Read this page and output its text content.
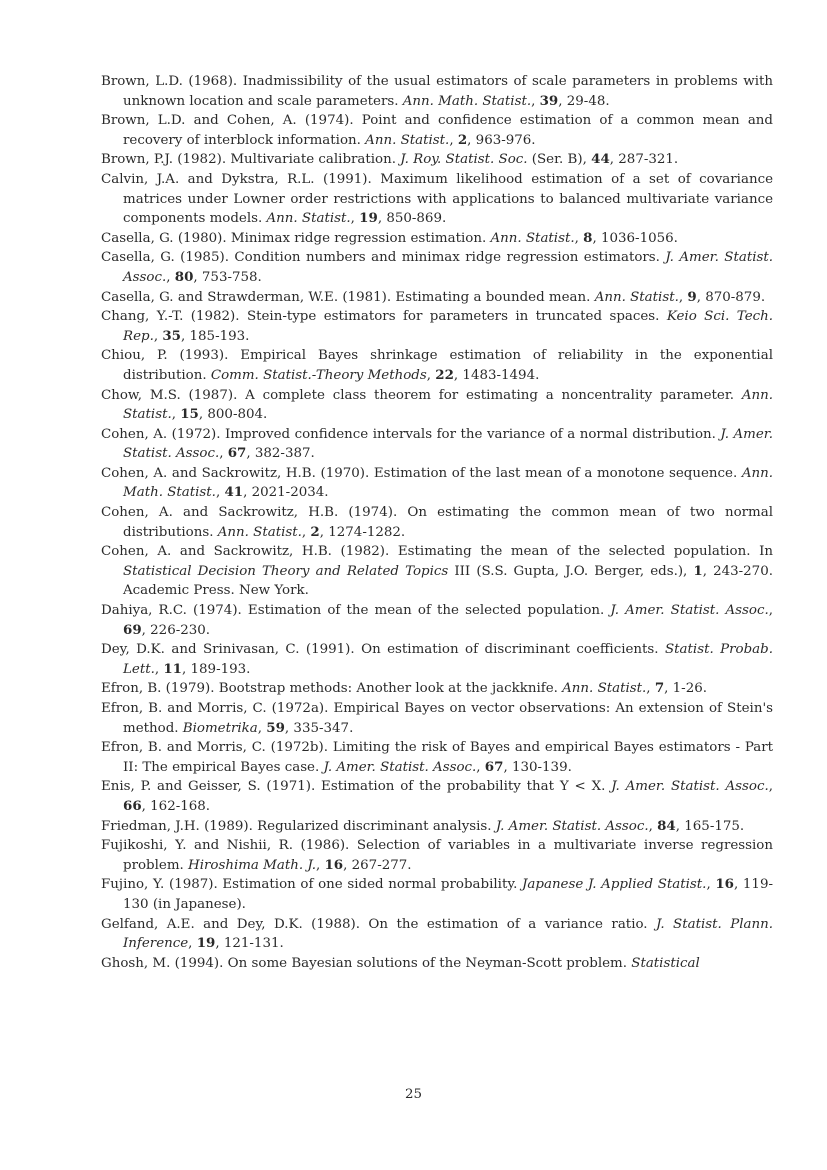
Brown, L.D. (1968). Inadmissibility of the usual estimators of scale parameters in problems with unknown location and scale parameters. Ann. Math. Statist., 39, 29-48.

Brown, L.D. and Cohen, A. (1974). Point and confidence estimation of a common mean and recovery of interblock information. Ann. Statist., 2, 963-976.

Brown, P.J. (1982). Multivariate calibration. J. Roy. Statist. Soc. (Ser. B), 44, 287-321.

Calvin, J.A. and Dykstra, R.L. (1991). Maximum likelihood estimation of a set of covariance matrices under Lowner order restrictions with applications to balanced multivariate variance components models. Ann. Statist., 19, 850-869.

Casella, G. (1980). Minimax ridge regression estimation. Ann. Statist., 8, 1036-1056.

Casella, G. (1985). Condition numbers and minimax ridge regression estimators. J. Amer. Statist. Assoc., 80, 753-758.

Casella, G. and Strawderman, W.E. (1981). Estimating a bounded mean. Ann. Statist., 9, 870-879.

Chang, Y.-T. (1982). Stein-type estimators for parameters in truncated spaces. Keio Sci. Tech. Rep., 35, 185-193.

Chiou, P. (1993). Empirical Bayes shrinkage estimation of reliability in the exponential distribution. Comm. Statist.-Theory Methods, 22, 1483-1494.

Chow, M.S. (1987). A complete class theorem for estimating a noncentrality parameter. Ann. Statist., 15, 800-804.

Cohen, A. (1972). Improved confidence intervals for the variance of a normal distribution. J. Amer. Statist. Assoc., 67, 382-387.

Cohen, A. and Sackrowitz, H.B. (1970). Estimation of the last mean of a monotone sequence. Ann. Math. Statist., 41, 2021-2034.

Cohen, A. and Sackrowitz, H.B. (1974). On estimating the common mean of two normal distributions. Ann. Statist., 2, 1274-1282.

Cohen, A. and Sackrowitz, H.B. (1982). Estimating the mean of the selected population. In Statistical Decision Theory and Related Topics III (S.S. Gupta, J.O. Berger, eds.), 1, 243-270. Academic Press. New York.

Dahiya, R.C. (1974). Estimation of the mean of the selected population. J. Amer. Statist. Assoc., 69, 226-230.

Dey, D.K. and Srinivasan, C. (1991). On estimation of discriminant coefficients. Statist. Probab. Lett., 11, 189-193.

Efron, B. (1979). Bootstrap methods: Another look at the jackknife. Ann. Statist., 7, 1-26.

Efron, B. and Morris, C. (1972a). Empirical Bayes on vector observations: An extension of Stein's method. Biometrika, 59, 335-347.

Efron, B. and Morris, C. (1972b). Limiting the risk of Bayes and empirical Bayes estimators - Part II: The empirical Bayes case. J. Amer. Statist. Assoc., 67, 130-139.

Enis, P. and Geisser, S. (1971). Estimation of the probability that Y < X. J. Amer. Statist. Assoc., 66, 162-168.

Friedman, J.H. (1989). Regularized discriminant analysis. J. Amer. Statist. Assoc., 84, 165-175.

Fujikoshi, Y. and Nishii, R. (1986). Selection of variables in a multivariate inverse regression problem. Hiroshima Math. J., 16, 267-277.

Fujino, Y. (1987). Estimation of one sided normal probability. Japanese J. Applied Statist., 16, 119-130 (in Japanese).

Gelfand, A.E. and Dey, D.K. (1988). On the estimation of a variance ratio. J. Statist. Plann. Inference, 19, 121-131.

Ghosh, M. (1994). On some Bayesian solutions of the Neyman-Scott problem. Statistical

25
